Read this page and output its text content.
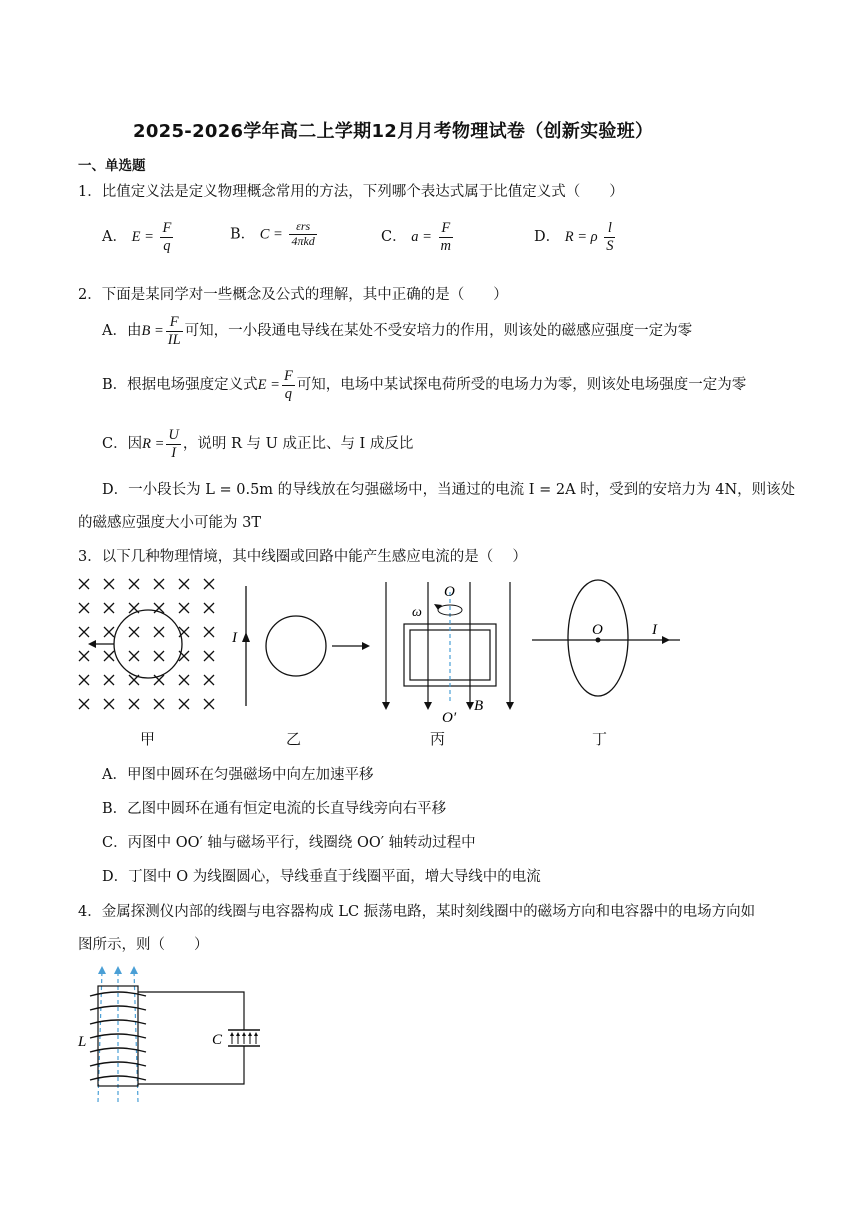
2025-2026学年高二上学期12月月考物理试卷（创新实验班）
一、单选题
1．比值定义法是定义物理概念常用的方法，下列哪个表达式属于比值定义式（　　）
A． $E = \frac{F}{q}$	B． $C = \frac{\text{εrs}}{\text{4πkd}}$	C． $a = \frac{F}{m}$	D． R = ρ $\frac{l}{S}$
2．下面是某同学对一些概念及公式的理解，其中正确的是（　　）
A．由$B = \frac{F}{IL}$ 可知，一小段通电导线在某处不受安培力的作用，则该处的磁感应强度一定为零
B．根据电场强度定义式$E = \frac{F}{q}$ 可知，电场中某试探电荷所受的电场力为零，则该处电场强度一定为零
C．因$R = \frac{U}{I}$ ，说明 R 与 U 成正比、与 I 成反比
D．一小段长为 L = 0.5m 的导线放在匀强磁场中，当通过的电流 I = 2A 时，受到的安培力为 4N，则该处
的磁感应强度大小可能为 3T
3．以下几种物理情境，其中线圈或回路中能产生感应电流的是（　 ）
I
O
ω
O′
B
O	I
甲	乙	丙	丁
A．甲图中圆环在匀强磁场中向左加速平移
B．乙图中圆环在通有恒定电流的长直导线旁向右平移
C．丙图中 OO′ 轴与磁场平行，线圈绕 OO′ 轴转动过程中
D．丁图中 O 为线圈圆心，导线垂直于线圈平面，增大导线中的电流
4．金属探测仪内部的线圈与电容器构成 LC 振荡电路，某时刻线圈中的磁场方向和电容器中的电场方向如
图所示，则（　　）
L	C
